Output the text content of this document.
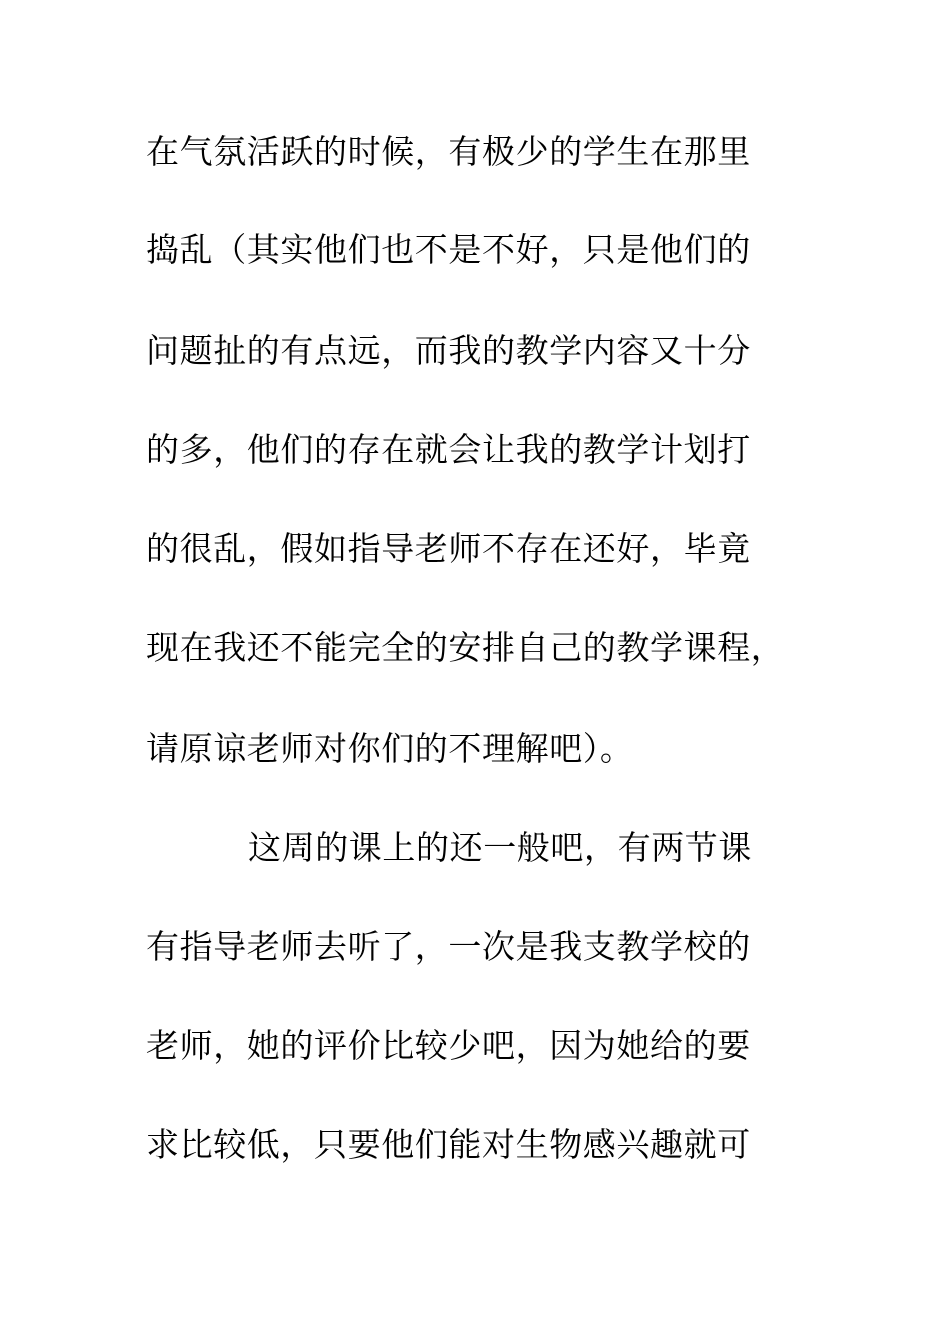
在气氛活跃的时候，有极少的学生在那里
捣乱（其实他们也不是不好，只是他们的
问题扯的有点远，而我的教学内容又十分
的多，他们的存在就会让我的教学计划打
的很乱，假如指导老师不存在还好，毕竟
现在我还不能完全的安排自己的教学课程，
请原谅老师对你们的不理解吧）。
这周的课上的还一般吧，有两节课
有指导老师去听了，一次是我支教学校的
老师，她的评价比较少吧，因为她给的要
求比较低，只要他们能对生物感兴趣就可
